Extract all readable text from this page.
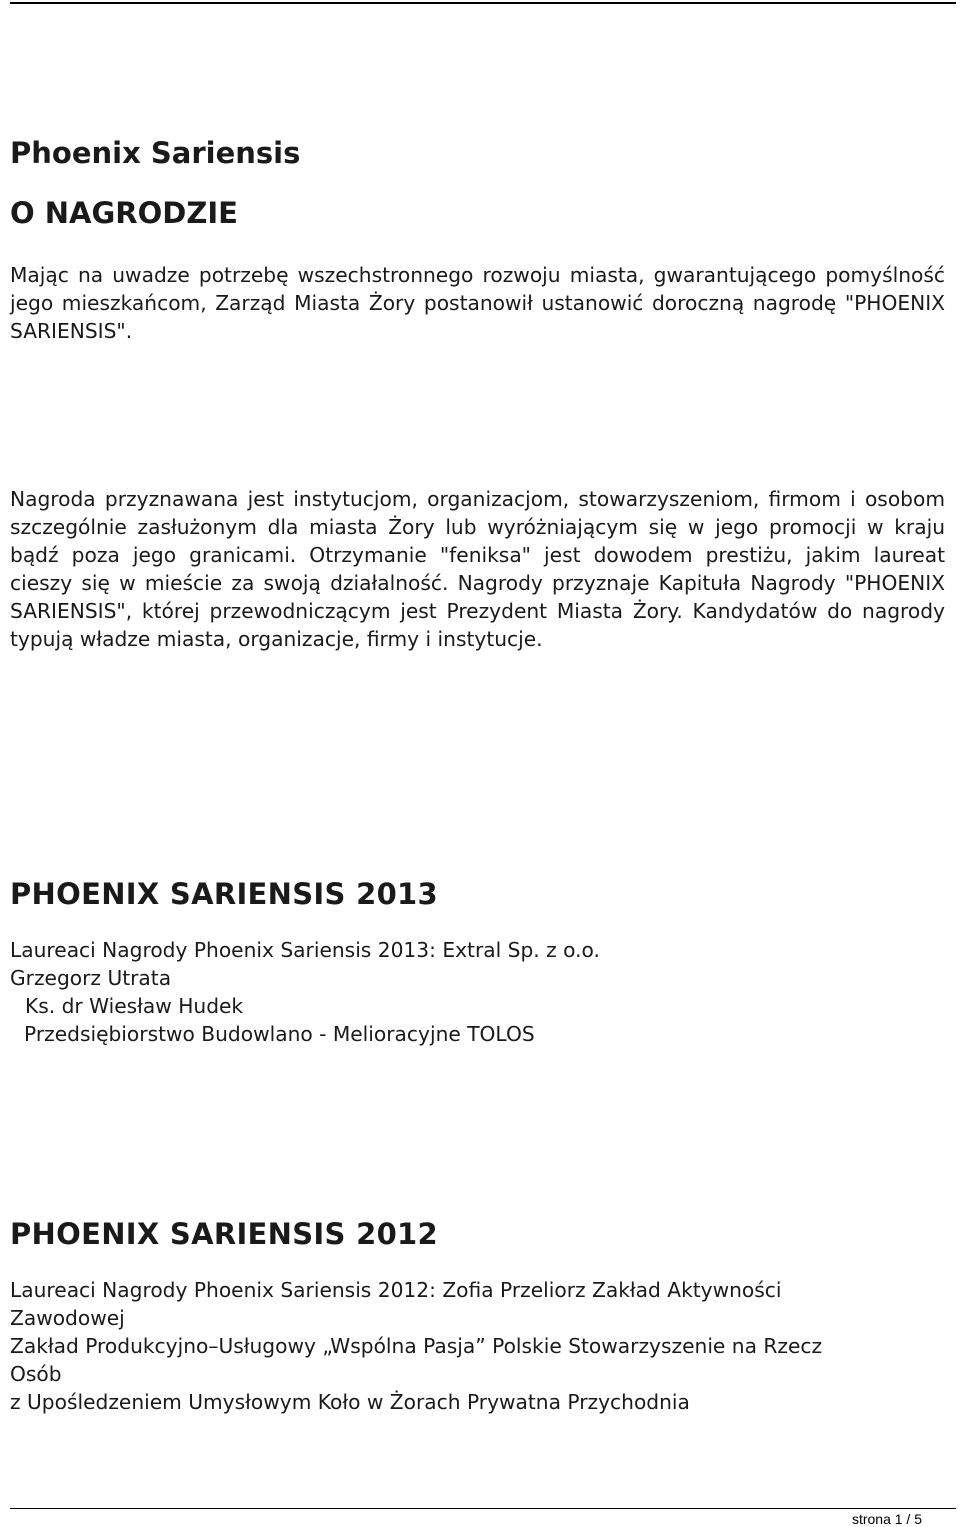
Phoenix Sariensis
O NAGRODZIE

Mając na uwadze potrzebę wszechstronnego rozwoju miasta, gwarantującego pomyślność jego mieszkańcom, Zarząd Miasta Żory postanowił ustanowić doroczną nagrodę "PHOENIX SARIENSIS".

Nagroda przyznawana jest instytucjom, organizacjom, stowarzyszeniom, firmom i osobom szczególnie zasłużonym dla miasta Żory lub wyróżniającym się w jego promocji w kraju bądź poza jego granicami. Otrzymanie "feniksa" jest dowodem prestiżu, jakim laureat cieszy się w mieście za swoją działalność. Nagrody przyznaje Kapituła Nagrody "PHOENIX SARIENSIS", której przewodniczącym jest Prezydent Miasta Żory. Kandydatów do nagrody typują władze miasta, organizacje, firmy i instytucje.

PHOENIX SARIENSIS 2013

Laureaci Nagrody Phoenix Sariensis 2013: Extral Sp. z o.o.

Grzegorz Utrata

Ks. dr Wiesław Hudek

Przedsiębiorstwo Budowlano - Melioracyjne TOLOS

PHOENIX SARIENSIS 2012

Laureaci Nagrody Phoenix Sariensis 2012: Zofia Przeliorz Zakład Aktywności

Zawodowej

Zakład Produkcyjno–Usługowy „Wspólna Pasja” Polskie Stowarzyszenie na Rzecz

Osób

z Upośledzeniem Umysłowym Koło w Żorach Prywatna Przychodnia

strona 1 / 5
